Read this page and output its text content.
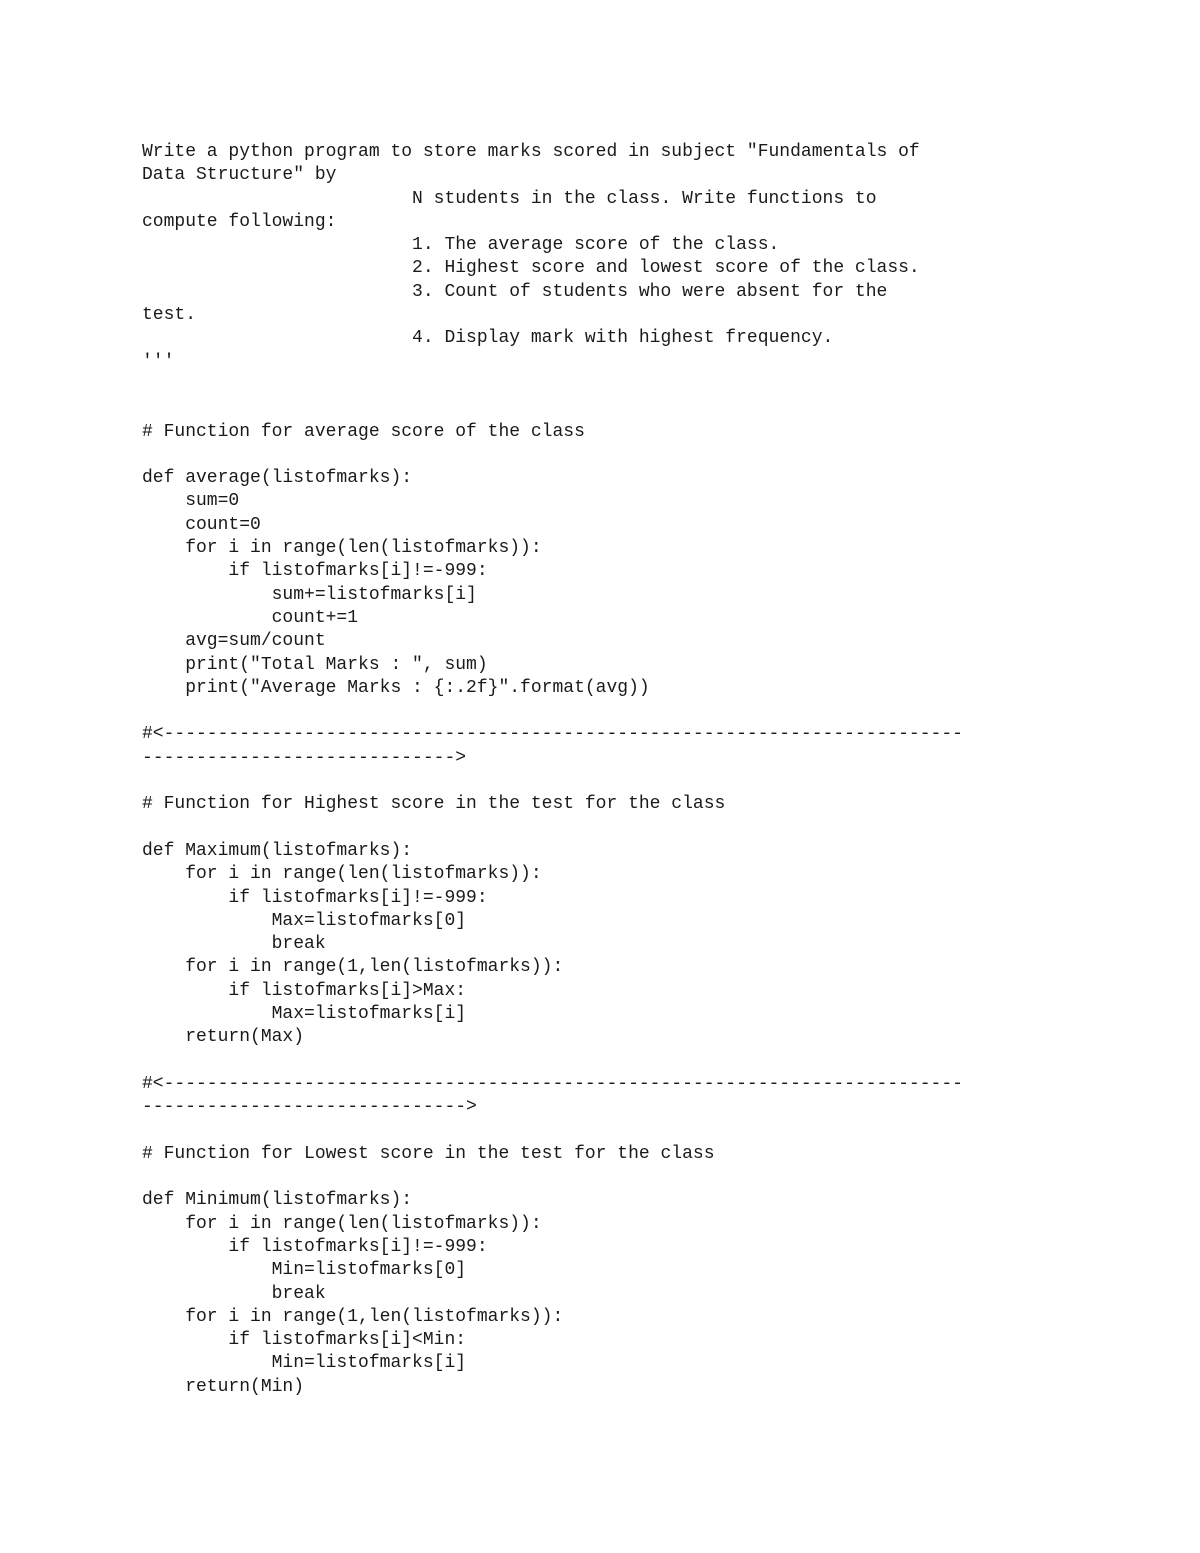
Write a python program to store marks scored in subject "Fundamentals of
Data Structure" by
N students in the class. Write functions to
compute following:
1. The average score of the class.
2. Highest score and lowest score of the class.
3. Count of students who were absent for the
test.
4. Display mark with highest frequency.
'''
# Function for average score of the class
def average(listofmarks):
sum=0
count=0
for i in range(len(listofmarks)):
if listofmarks[i]!=-999:
sum+=listofmarks[i]
count+=1
avg=sum/count
print("Total Marks : ", sum)
print("Average Marks : {:.2f}".format(avg))
#<--------------------------------------------------------------------------
----------------------------->
# Function for Highest score in the test for the class
def Maximum(listofmarks):
for i in range(len(listofmarks)):
if listofmarks[i]!=-999:
Max=listofmarks[0]
break
for i in range(1,len(listofmarks)):
if listofmarks[i]>Max:
Max=listofmarks[i]
return(Max)
#<--------------------------------------------------------------------------
------------------------------>
# Function for Lowest score in the test for the class
def Minimum(listofmarks):
for i in range(len(listofmarks)):
if listofmarks[i]!=-999:
Min=listofmarks[0]
break
for i in range(1,len(listofmarks)):
if listofmarks[i]<Min:
Min=listofmarks[i]
return(Min)
